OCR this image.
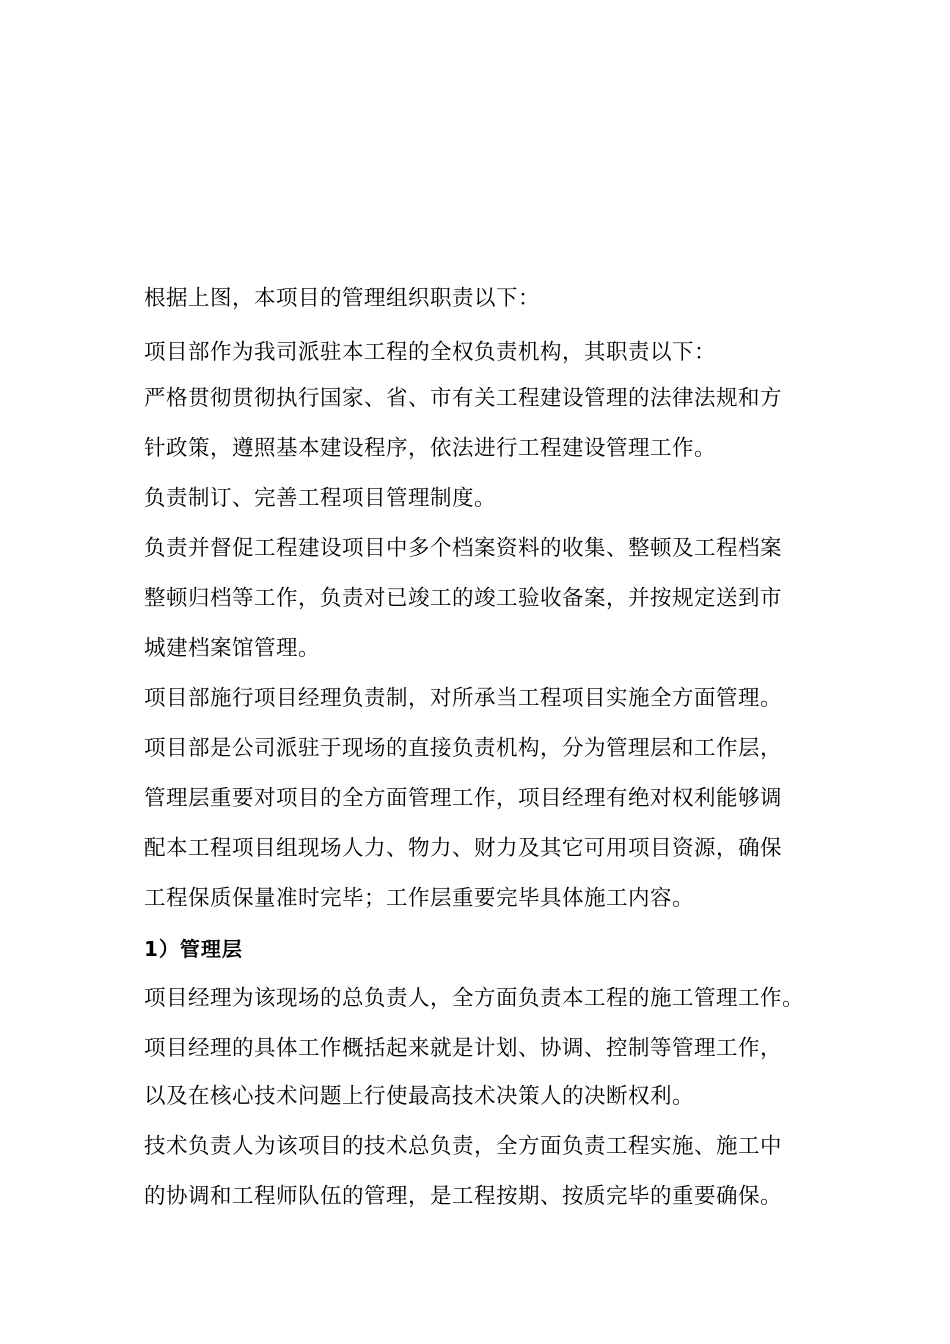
根据上图，本项目的管理组织职责以下：
项目部作为我司派驻本工程的全权负责机构，其职责以下：
严格贯彻贯彻执行国家、省、市有关工程建设管理的法律法规和方
针政策，遵照基本建设程序，依法进行工程建设管理工作。
负责制订、完善工程项目管理制度。
负责并督促工程建设项目中多个档案资料的收集、整顿及工程档案
整顿归档等工作，负责对已竣工的竣工验收备案，并按规定送到市
城建档案馆管理。
项目部施行项目经理负责制，对所承当工程项目实施全方面管理。
项目部是公司派驻于现场的直接负责机构，分为管理层和工作层，
管理层重要对项目的全方面管理工作，项目经理有绝对权利能够调
配本工程项目组现场人力、物力、财力及其它可用项目资源，确保
工程保质保量准时完毕；工作层重要完毕具体施工内容。
1）管理层
项目经理为该现场的总负责人，全方面负责本工程的施工管理工作。
项目经理的具体工作概括起来就是计划、协调、控制等管理工作，
以及在核心技术问题上行使最高技术决策人的决断权利。
技术负责人为该项目的技术总负责，全方面负责工程实施、施工中
的协调和工程师队伍的管理，是工程按期、按质完毕的重要确保。
